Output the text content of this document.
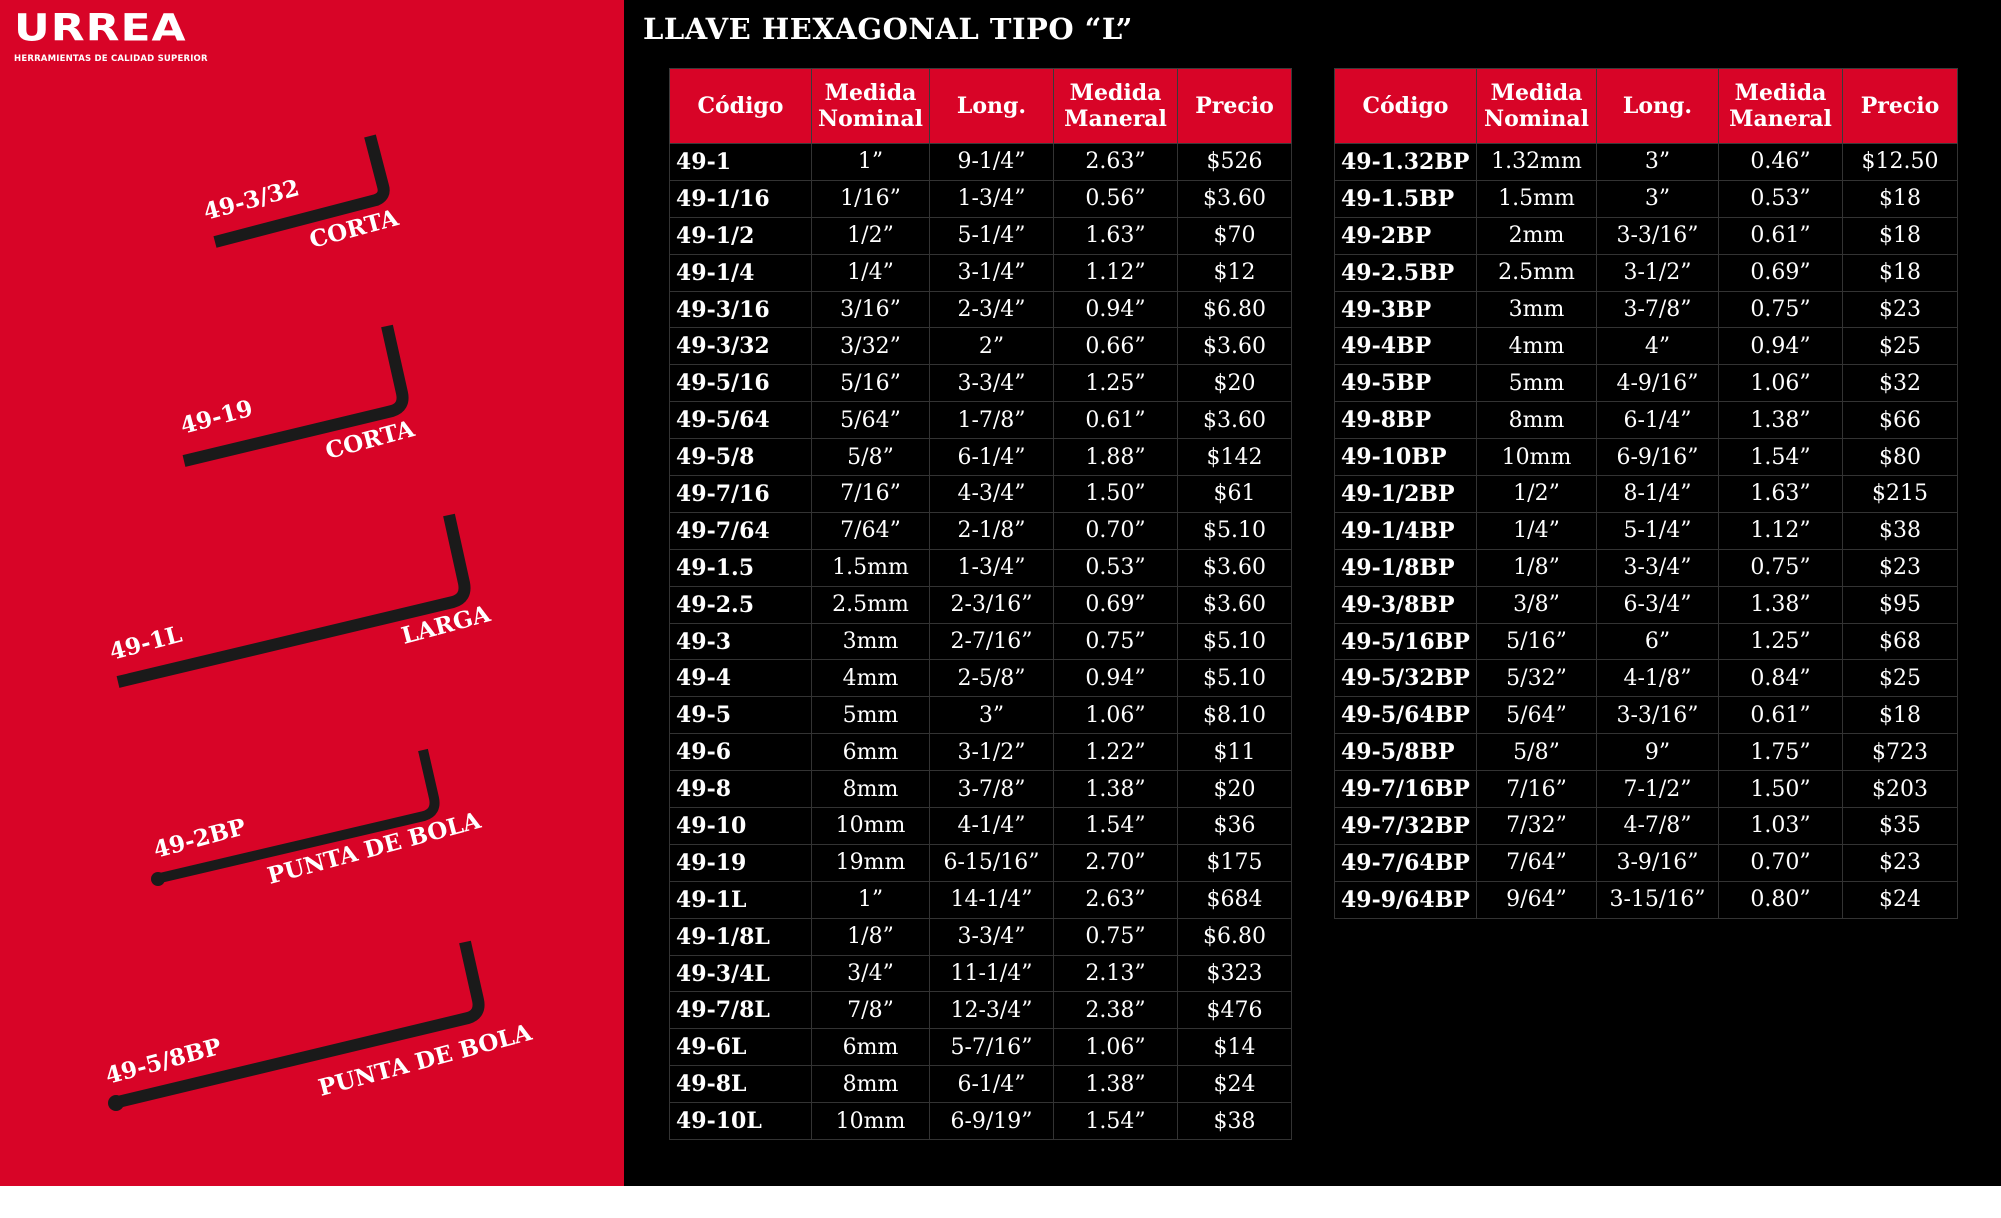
URREA
HERRAMIENTAS DE CALIDAD SUPERIOR
49-3/32
CORTA
49-19	CORTA
49-1L	LARGA
49-2BP PUNTA DE BOLA
49-5/8BP	PUNTA DE BOLA
LLAVE HEXAGONAL TIPO “L”
Código	Medida Nominal	Long.	Medida Maneral	Precio
49-1	1”	9-1/4”	2.63”	$526
49-1/16	1/16”	1-3/4”	0.56”	$3.60
49-1/2	1/2”	5-1/4”	1.63”	$70
49-1/4	1/4”	3-1/4”	1.12”	$12
49-3/16	3/16”	2-3/4”	0.94”	$6.80
49-3/32	3/32”	2”	0.66”	$3.60
49-5/16	5/16”	3-3/4”	1.25”	$20
49-5/64	5/64”	1-7/8”	0.61”	$3.60
49-5/8	5/8”	6-1/4”	1.88”	$142
49-7/16	7/16”	4-3/4”	1.50”	$61
49-7/64	7/64”	2-1/8”	0.70”	$5.10
49-1.5	1.5mm	1-3/4”	0.53”	$3.60
49-2.5	2.5mm	2-3/16”	0.69”	$3.60
49-3	3mm	2-7/16”	0.75”	$5.10
49-4	4mm	2-5/8”	0.94”	$5.10
49-5	5mm	3”	1.06”	$8.10
49-6	6mm	3-1/2”	1.22”	$11
49-8	8mm	3-7/8”	1.38”	$20
49-10	10mm	4-1/4”	1.54”	$36
49-19	19mm	6-15/16”	2.70”	$175
49-1L	1”	14-1/4”	2.63”	$684
49-1/8L	1/8”	3-3/4”	0.75”	$6.80
49-3/4L	3/4”	11-1/4”	2.13”	$323
49-7/8L	7/8”	12-3/4”	2.38”	$476
49-6L	6mm	5-7/16”	1.06”	$14
49-8L	8mm	6-1/4”	1.38”	$24
49-10L	10mm	6-9/19”	1.54”	$38
Código	Medida Nominal	Long.	Medida Maneral	Precio
49-1.32BP	1.32mm	3”	0.46”	$12.50
49-1.5BP	1.5mm	3”	0.53”	$18
49-2BP	2mm	3-3/16”	0.61”	$18
49-2.5BP	2.5mm	3-1/2”	0.69”	$18
49-3BP	3mm	3-7/8”	0.75”	$23
49-4BP	4mm	4”	0.94”	$25
49-5BP	5mm	4-9/16”	1.06”	$32
49-8BP	8mm	6-1/4”	1.38”	$66
49-10BP	10mm	6-9/16”	1.54”	$80
49-1/2BP	1/2”	8-1/4”	1.63”	$215
49-1/4BP	1/4”	5-1/4”	1.12”	$38
49-1/8BP	1/8”	3-3/4”	0.75”	$23
49-3/8BP	3/8”	6-3/4”	1.38”	$95
49-5/16BP	5/16”	6”	1.25”	$68
49-5/32BP	5/32”	4-1/8”	0.84”	$25
49-5/64BP	5/64”	3-3/16”	0.61”	$18
49-5/8BP	5/8”	9”	1.75”	$723
49-7/16BP	7/16”	7-1/2”	1.50”	$203
49-7/32BP	7/32”	4-7/8”	1.03”	$35
49-7/64BP	7/64”	3-9/16”	0.70”	$23
49-9/64BP	9/64”	3-15/16”	0.80”	$24
